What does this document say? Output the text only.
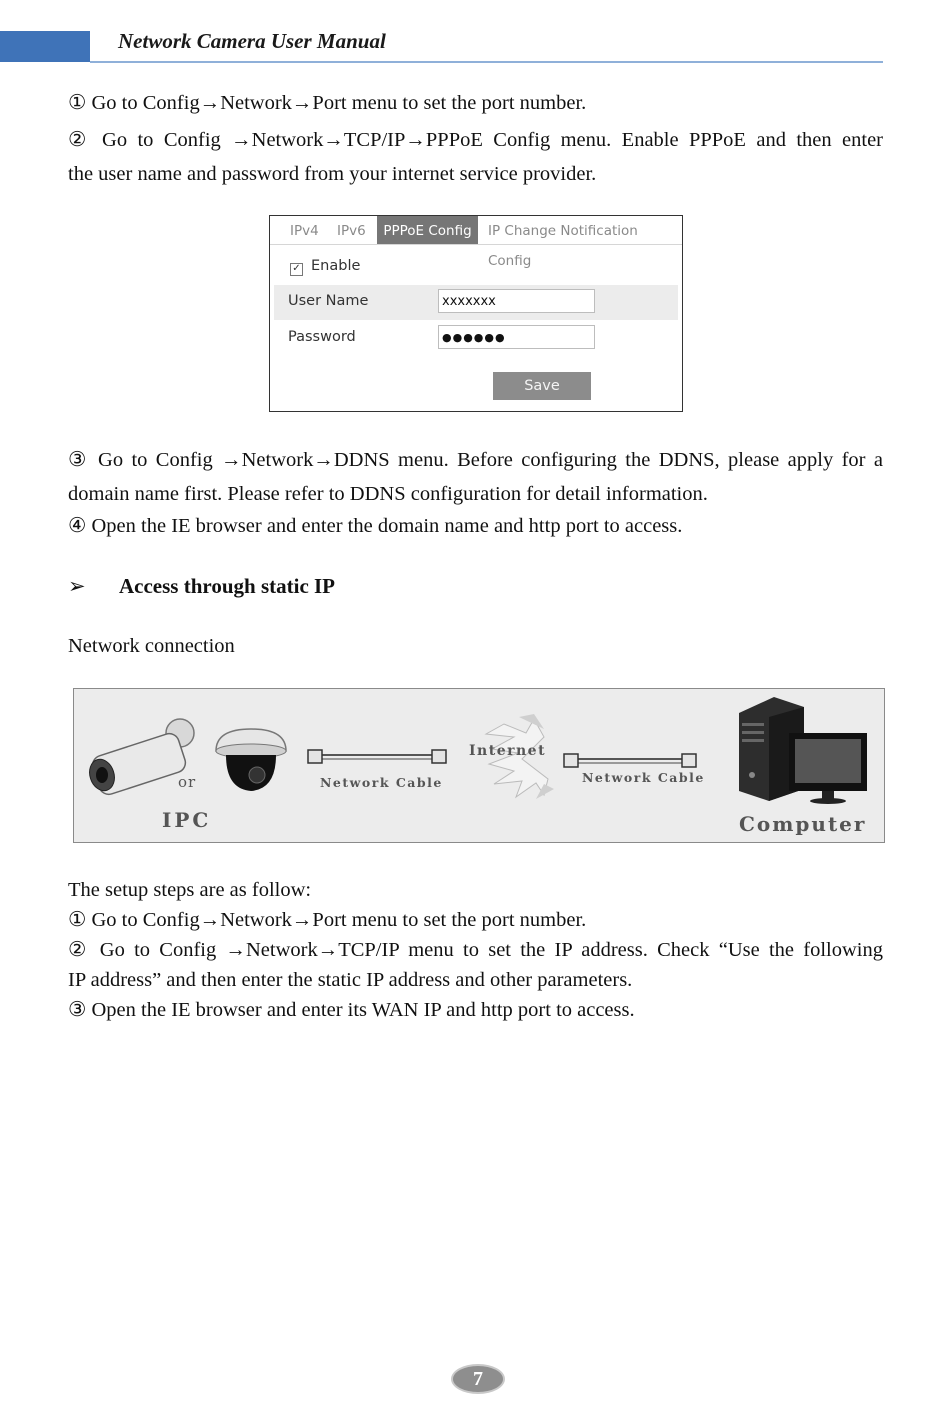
Network Camera User Manual
① Go to Config→Network→Port menu to set the port number.
② Go to Config →Network→TCP/IP→PPPoE Config menu. Enable PPPoE and then enter
the user name and password from your internet service provider.
IPv4 IPv6	PPPoE Config	IP Change Notification Config
✓ Enable
User Name	xxxxxxx
Password	●●●●●●
Save
③ Go to Config →Network→DDNS menu. Before configuring the DDNS, please apply for a
domain name first. Please refer to DDNS configuration for detail information.
④ Open the IE browser and enter the domain name and http port to access.
➢ Access through static IP
Network connection
or
IPC
Network Cable
Internet
Network Cable
Computer
The setup steps are as follow:
① Go to Config→Network→Port menu to set the port number.
② Go to Config →Network→TCP/IP menu to set the IP address. Check “Use the following
IP address” and then enter the static IP address and other parameters.
③ Open the IE browser and enter its WAN IP and http port to access.
7
